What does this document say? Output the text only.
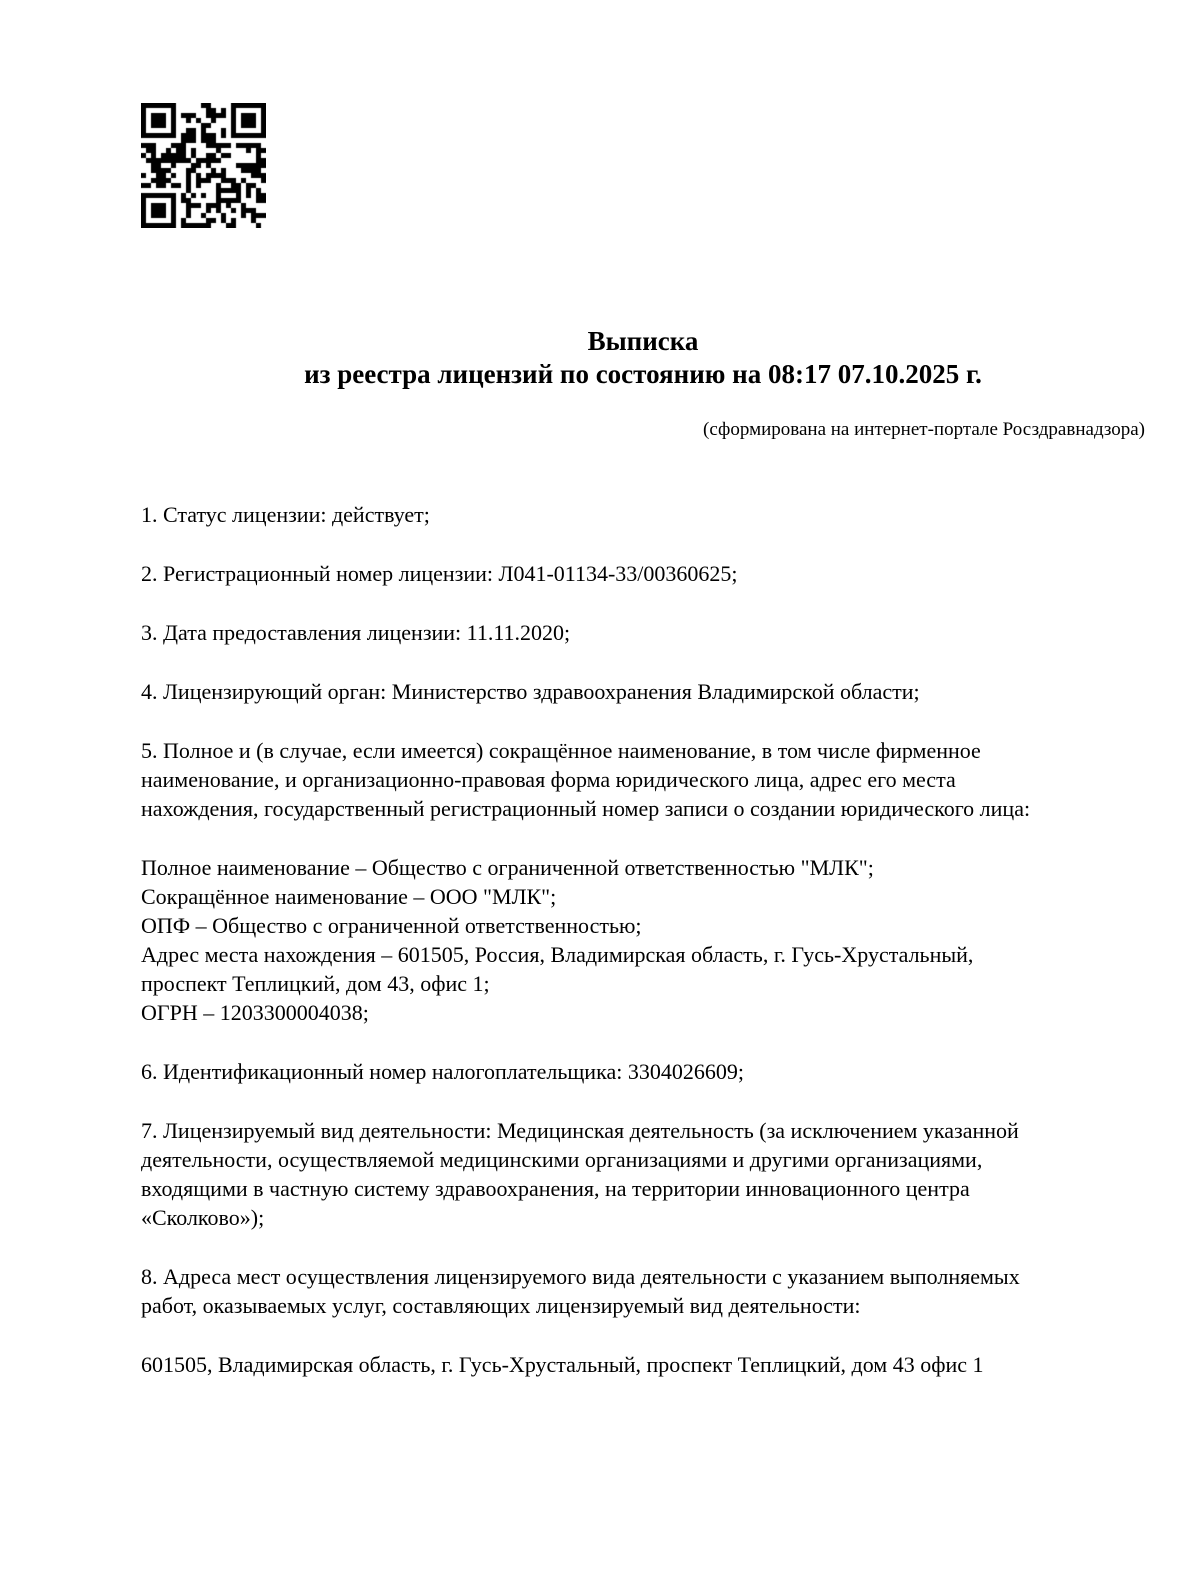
Выписка
из реестра лицензий по состоянию на 08:17 07.10.2025 г.
(сформирована на интернет-портале Росздравнадзора)
1. Статус лицензии: действует;
2. Регистрационный номер лицензии: Л041-01134-33/00360625;
3. Дата предоставления лицензии: 11.11.2020;
4. Лицензирующий орган: Министерство здравоохранения Владимирской области;
5. Полное и (в случае, если имеется) сокращённое наименование, в том числе фирменное
наименование, и организационно-правовая форма юридического лица, адрес его места
нахождения, государственный регистрационный номер записи о создании юридического лица:
Полное наименование – Общество с ограниченной ответственностью "МЛК";
Сокращённое наименование – ООО "МЛК";
ОПФ – Общество с ограниченной ответственностью;
Адрес места нахождения – 601505, Россия, Владимирская область, г. Гусь-Хрустальный,
проспект Теплицкий, дом 43, офис 1;
ОГРН – 1203300004038;
6. Идентификационный номер налогоплательщика: 3304026609;
7. Лицензируемый вид деятельности: Медицинская деятельность (за исключением указанной
деятельности, осуществляемой медицинскими организациями и другими организациями,
входящими в частную систему здравоохранения, на территории инновационного центра
«Сколково»);
8. Адреса мест осуществления лицензируемого вида деятельности с указанием выполняемых
работ, оказываемых услуг, составляющих лицензируемый вид деятельности:
601505, Владимирская область, г. Гусь-Хрустальный, проспект Теплицкий, дом 43 офис 1
